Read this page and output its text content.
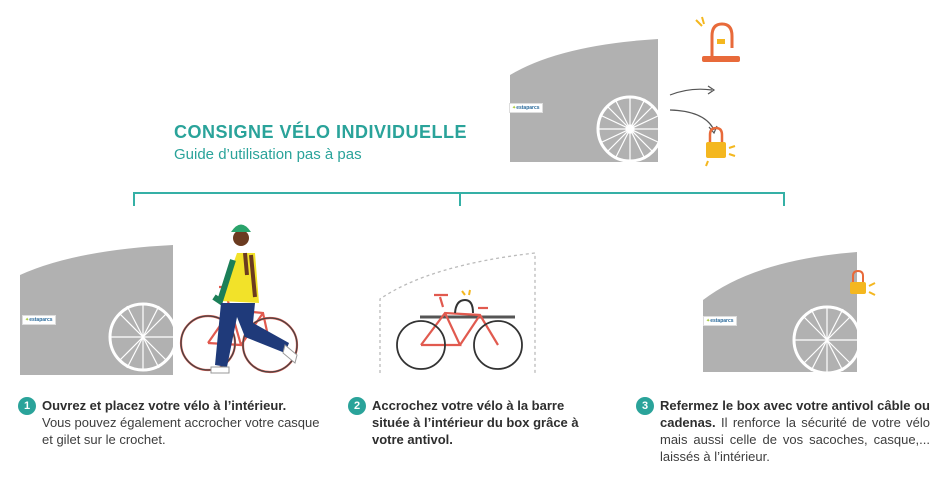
✦estaparcs
CONSIGNE VÉLO INDIVIDUELLE
Guide d’utilisation pas à pas
✦estaparcs	✦estaparcs
1 Ouvrez et placez votre vélo à l’intérieur.
Vous pouvez également accrocher votre casque et gilet sur le crochet.
2 Accrochez votre vélo à la barre située à l’intérieur du box grâce à votre antivol.
3 Refermez le box avec votre antivol câble ou cadenas. Il renforce la sécurité de votre vélo mais aussi celle de vos sacoches, casque,... laissés à l’intérieur.
